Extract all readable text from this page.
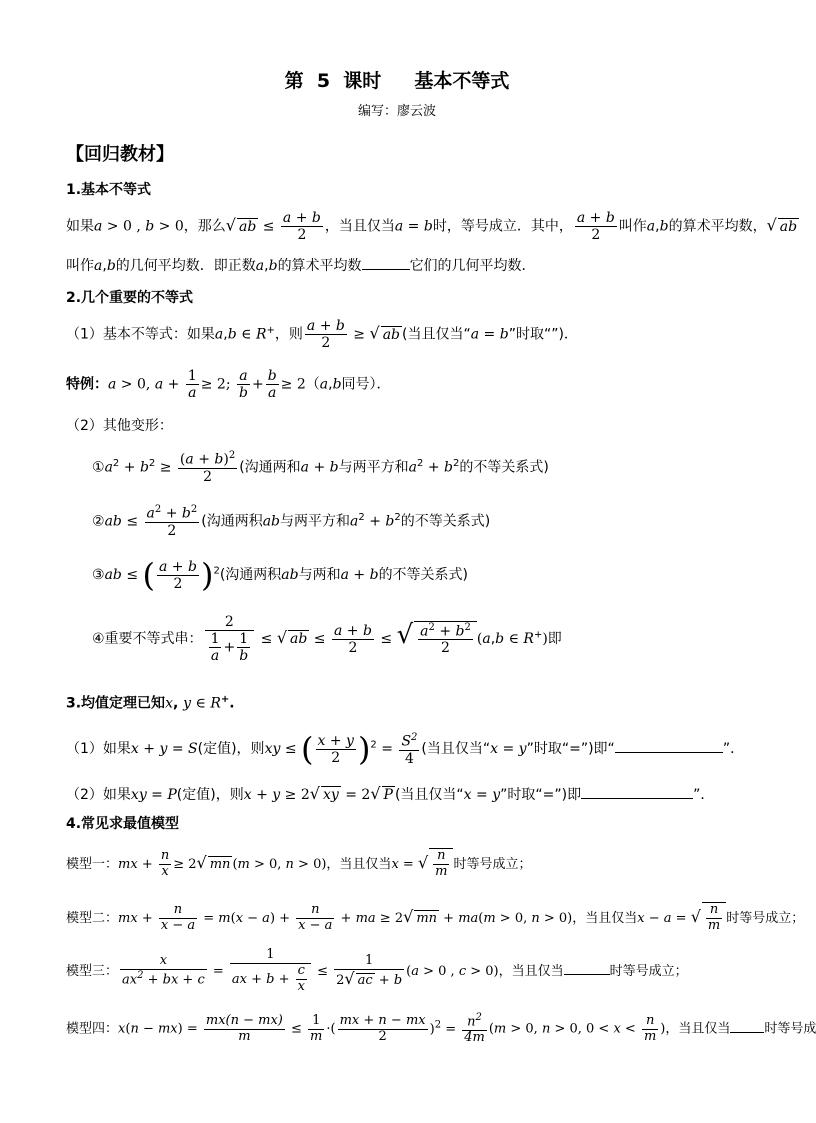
第  5  课时     基本不等式
编写：廖云波
【回归教材】
1.基本不等式
如果a > 0 , b > 0，那么√ ab ≤ $\frac{a + b}{2}$ ，当且仅当a = b时，等号成立．其中， $\frac{a + b}{2}$ 叫作a,b的算术平均数，√ ab
叫作a,b的几何平均数．即正数a,b的算术平均数	它们的几何平均数．
2.几个重要的不等式
（1）基本不等式：如果a,b ∈ R+，则 $\frac{a + b}{2}$ ≥ √ ab (当且仅当“a = b”时取“”)．
特例：a > 0, $a + \frac{1}{a} \ge 2$; $\frac{a}{b} + \frac{b}{a} \ge 2(a,b$同号）．
（2）其他变形：
$①a^2 + b^2 \ge \frac{(a + b)^2}{2}$ (沟通两和a + b与两平方和$a^2 + b^2$的不等关系式)
②ab ≤ $\frac{a^2 + b^2}{2}$ (沟通两积ab与两平方和$a^2 + b^2$的不等关系式)
③ab ≤ ( $\frac{a + b}{2} )^2$(沟通两积ab与两和a + b的不等关系式)
④重要不等式串： $\frac{2}{\frac{1}{a} + \frac{1}{b}}$ ≤ √ ab ≤ $\frac{a + b}{2}$ ≤ √ $\frac{a^2 + b^2}{2} (a,b$ ∈ R+)即
3.均值定理已知x, y ∈ R+.
（1）如果x + y = S(定值)，则xy ≤ ( $\frac{x + y}{2} )^2 = \frac{S^2}{4}$ (当且仅当“x = y”时取“=”)即“	”．
（2）如果xy = P(定值)，则x + y ≥ 2√ xy = 2√ P (当且仅当“x = y”时取“=”)即	”．
4.常见求最值模型
模型一：mx + $\frac{n}{x} \ge 2√$ mn (m > 0, n > 0)，当且仅当x = √ $\frac{n}{m}$ 时等号成立；
模型二：mx + $\frac{n}{x - a} = m(x - a) + \frac{n}{x - a}$ + ma ≥ 2√ mn + ma(m > 0, n > 0)，当且仅当x − a = √ $\frac{n}{m}$ 时等号成立；
模型三： $\frac{x}{ax^2 + bx + c} = \frac{1}{ax + b + \frac{c}{x}} \le \frac{1}{2√ ac + b} (a > 0$ , c > 0)，当且仅当	时等号成立；
模型四：$x(n - mx) = \frac{mx(n - mx)}{m} \le \frac{1}{m}$ ·( $\frac{mx + n - mx}{2} )^2 = \frac{n^2}{4m} (m > 0$, n > 0, $0 < x < \frac{n}{m}$ )，当且仅当	时等号成
